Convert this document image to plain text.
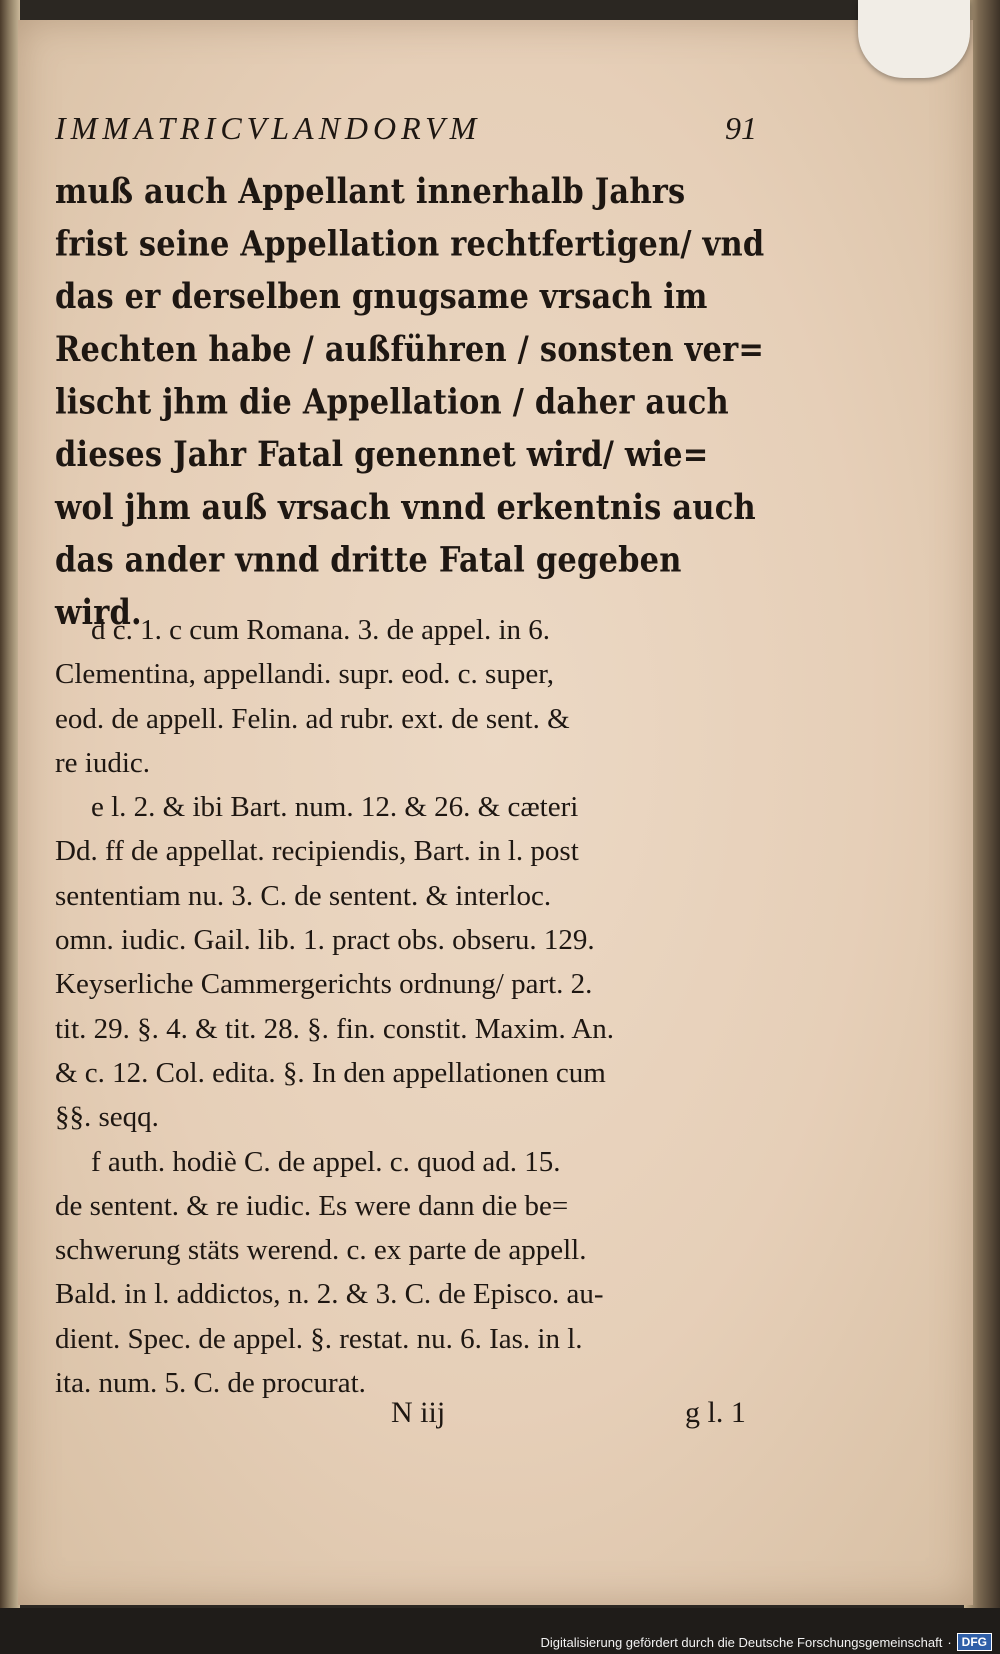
IMMATRICVLANDORVM	91
muß auch Appellant innerhalb Jahrs
frist seine Appellation rechtfertigen/ vnd
das er derselben gnugsame vrsach im
Rechten habe / außführen / sonsten ver=
lischt jhm die Appellation / daher auch
dieses Jahr Fatal genennet wird/ wie=
wol jhm auß vrsach vnnd erkentnis auch
das ander vnnd dritte Fatal gegeben
wird.
d c. 1. c cum Romana. 3. de appel. in 6.
Clementina, appellandi. supr. eod. c. super,
eod. de appell. Felin. ad rubr. ext. de sent. &
re iudic.
e l. 2. & ibi Bart. num. 12. & 26. & cæteri
Dd. ff de appellat. recipiendis, Bart. in l. post
sententiam nu. 3. C. de sentent. & interloc.
omn. iudic. Gail. lib. 1. pract obs. obseru. 129.
Keyserliche Cammergerichts ordnung/ part. 2.
tit. 29. §. 4. & tit. 28. §. fin. constit. Maxim. An.
& c. 12. Col. edita. §. In den appellationen cum
§§. seqq.
f auth. hodiè C. de appel. c. quod ad. 15.
de sentent. & re iudic. Es were dann die be=
schwerung stäts werend. c. ex parte de appell.
Bald. in l. addictos, n. 2. & 3. C. de Episco. au-
dient. Spec. de appel. §. restat. nu. 6. Ias. in l.
ita. num. 5. C. de procurat.
N iij	g l. 1
Digitalisierung gefördert durch die Deutsche Forschungsgemeinschaft · DFG
